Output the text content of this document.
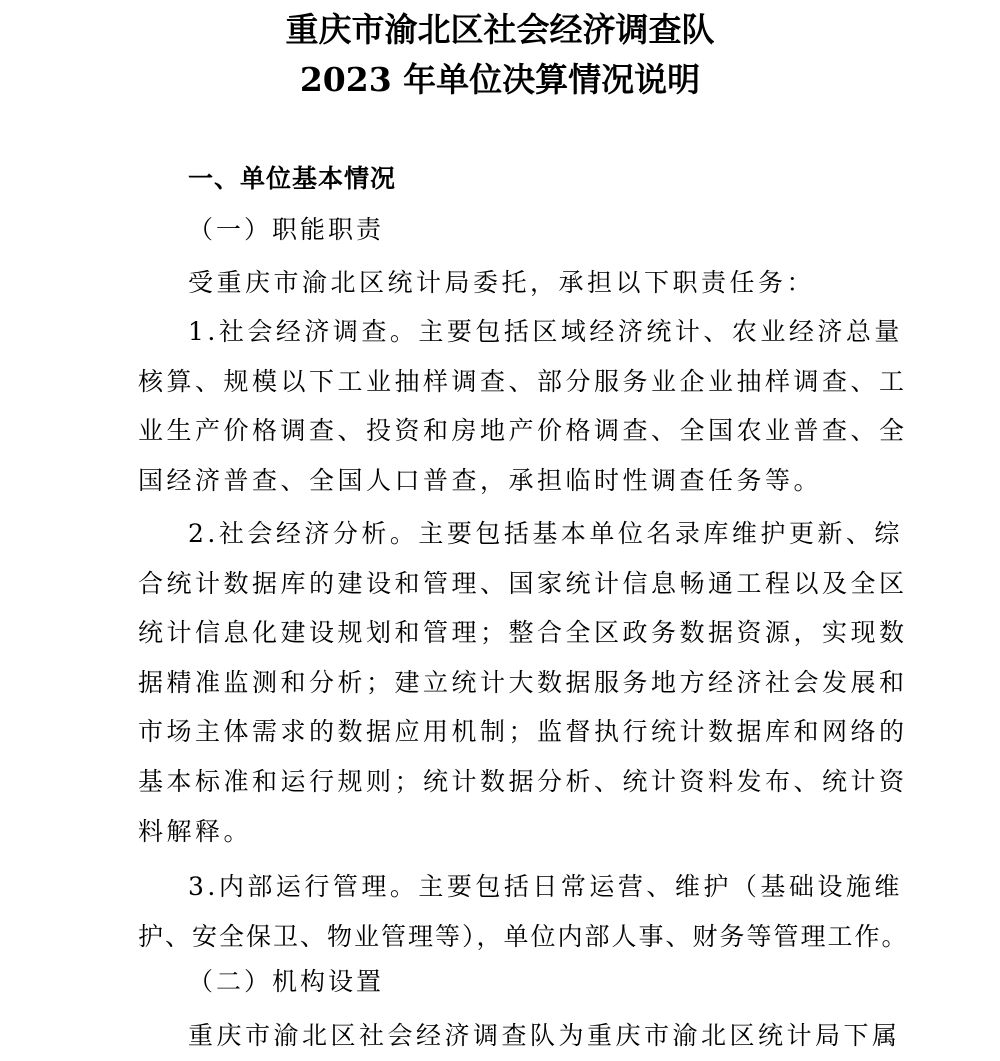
重庆市渝北区社会经济调查队
2023 年单位决算情况说明
一、单位基本情况
（一）职能职责
受重庆市渝北区统计局委托，承担以下职责任务：
1.社会经济调查。主要包括区域经济统计、农业经济总量
核算、规模以下工业抽样调查、部分服务业企业抽样调查、工
业生产价格调查、投资和房地产价格调查、全国农业普查、全
国经济普查、全国人口普查，承担临时性调查任务等。
2.社会经济分析。主要包括基本单位名录库维护更新、综
合统计数据库的建设和管理、国家统计信息畅通工程以及全区
统计信息化建设规划和管理；整合全区政务数据资源，实现数
据精准监测和分析；建立统计大数据服务地方经济社会发展和
市场主体需求的数据应用机制；监督执行统计数据库和网络的
基本标准和运行规则；统计数据分析、统计资料发布、统计资
料解释。
3.内部运行管理。主要包括日常运营、维护（基础设施维
护、安全保卫、物业管理等），单位内部人事、财务等管理工作。
（二）机构设置
重庆市渝北区社会经济调查队为重庆市渝北区统计局下属
